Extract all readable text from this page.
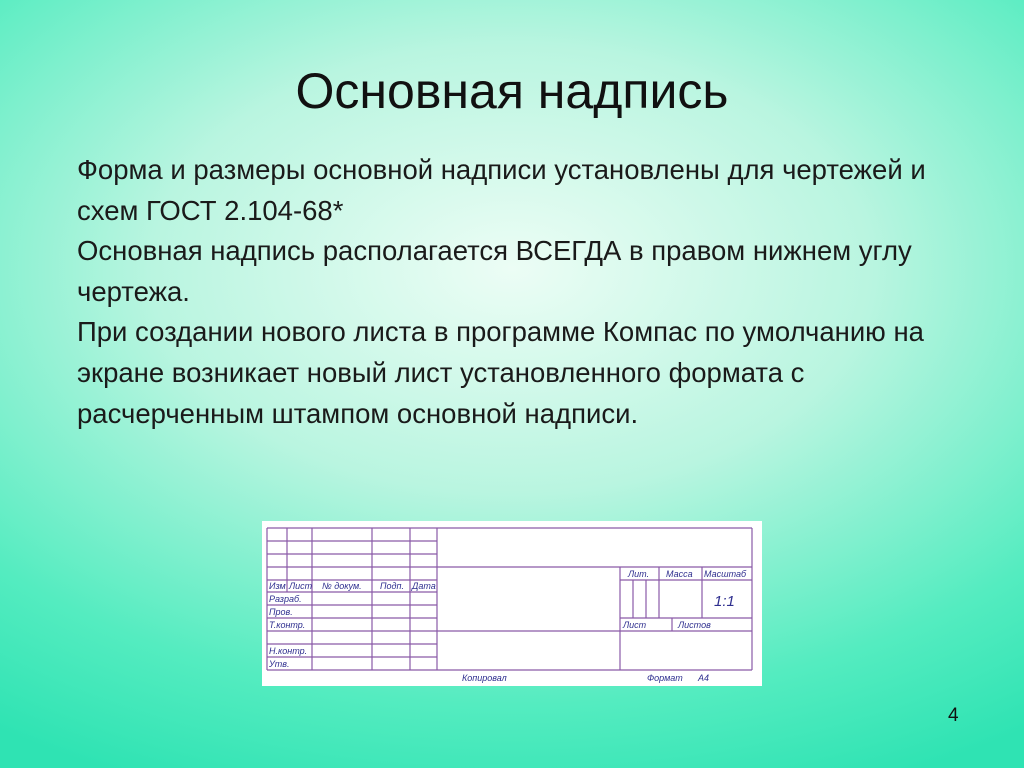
Основная надпись

Форма и размеры основной надписи установлены для чертежей и схем ГОСТ 2.104-68*

Основная надпись располагается ВСЕГДА в правом нижнем углу чертежа.

При создании нового листа в программе Компас по умолчанию на экране возникает новый лист установленного формата с расчерченным штампом основной надписи.

Изм Лист № докум. Подп. Дата
Разраб.
Пров.
Т.контр.
Н.контр.
Утв.
Лит. Масса Масштаб
Лист	Листов
Копировал	Формат A4
1:1
4
